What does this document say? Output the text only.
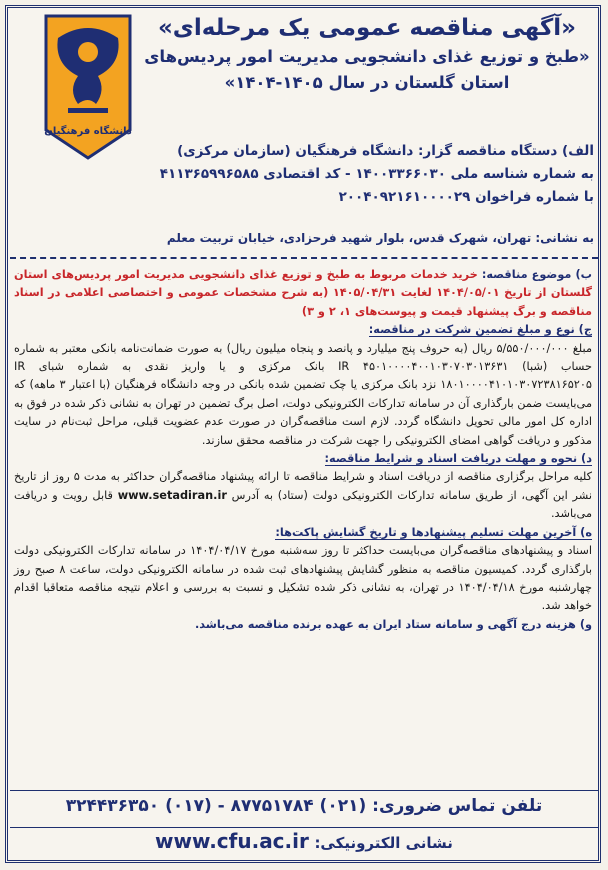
دانشگاه فرهنگیان
«آگهی مناقصه عمومی یک مرحله‌ای»
«طبخ و توزیع غذای دانشجویی مدیریت امور پردیس‌های
استان گلستان در سال ۱۴۰۵-۱۴۰۴»
الف) دستگاه مناقصه گزار: دانشگاه فرهنگیان (سازمان مرکزی)
به شماره شناسه ملی ۱۴۰۰۳۳۶۶۰۳۰ - کد اقتصادی ۴۱۱۳۶۵۹۹۶۵۸۵
با شماره فراخوان ۲۰۰۴۰۹۲۱۶۱۰۰۰۰۲۹
به نشانی: تهران، شهرک قدس، بلوار شهید فرحزادی، خیابان تربیت معلم

ب) موضوع مناقصه: خرید خدمات مربوط به طبخ و توزیع غذای دانشجویی مدیریت امور پردیس‌های استان گلستان از تاریخ ۱۴۰۴/۰۵/۰۱ لغایت ۱۴۰۵/۰۴/۳۱ (به شرح مشخصات عمومی و اختصاصی اعلامی در اسناد مناقصه و برگ پیشنهاد قیمت و پیوست‌های ۱، ۲ و ۳)

ج) نوع و مبلغ تضمین شرکت در مناقصه:

مبلغ ۵/۵۵۰/۰۰۰/۰۰۰ ریال (به حروف پنج میلیارد و پانصد و پنجاه میلیون ریال) به صورت ضمانت‌نامه بانکی معتبر به شماره حساب (شبا) IR ۴۵۰۱۰۰۰۰۴۰۰۱۰۳۰۷۰۳۰۱۳۶۳۱ بانک مرکزی و یا واریز نقدی به شماره شبای IR ۱۸۰۱۰۰۰۰۴۱۰۱۰۳۰۷۲۳۸۱۶۵۲۰۵ نزد بانک مرکزی یا چک تضمین شده بانکی در وجه دانشگاه فرهنگیان (با اعتبار ۳ ماهه) که می‌بایست ضمن بارگذاری آن در سامانه تدارکات الکترونیکی دولت، اصل برگ تضمین در تهران به نشانی ذکر شده در فوق به اداره کل امور مالی تحویل دانشگاه گردد. لازم است مناقصه‌گران در صورت عدم عضویت قبلی، مراحل ثبت‌نام در سایت مذکور و دریافت گواهی امضای الکترونیکی را جهت شرکت در مناقصه محقق سازند.

د) نحوه و مهلت دریافت اسناد و شرایط مناقصه:

کلیه مراحل برگزاری مناقصه از دریافت اسناد و شرایط مناقصه تا ارائه پیشنهاد مناقصه‌گران حداکثر به مدت ۵ روز از تاریخ نشر این آگهی، از طریق سامانه تدارکات الکترونیکی دولت (ستاد) به آدرس www.setadiran.ir قابل رویت و دریافت می‌باشد.

ه) آخرین مهلت تسلیم پیشنهادها و تاریخ گشایش پاکت‌ها:

اسناد و پیشنهادهای مناقصه‌گران می‌بایست حداکثر تا روز سه‌شنبه مورخ ۱۴۰۴/۰۴/۱۷ در سامانه تدارکات الکترونیکی دولت بارگذاری گردد. کمیسیون مناقصه به منظور گشایش پیشنهادهای ثبت شده در سامانه الکترونیکی دولت، ساعت ۸ صبح روز چهارشنبه مورخ ۱۴۰۴/۰۴/۱۸ در تهران، به نشانی ذکر شده تشکیل و نسبت به بررسی و اعلام نتیجه مناقصه متعاقبا اقدام خواهد شد.

و) هزینه درج آگهی و سامانه ستاد ایران به عهده برنده مناقصه می‌باشد.

تلفن تماس ضروری: ۳۲۴۴۳۶۳۵۰ (۰۱۷) - ۸۷۷۵۱۷۸۴ (۰۲۱)
نشانی الکترونیکی: www.cfu.ac.ir
